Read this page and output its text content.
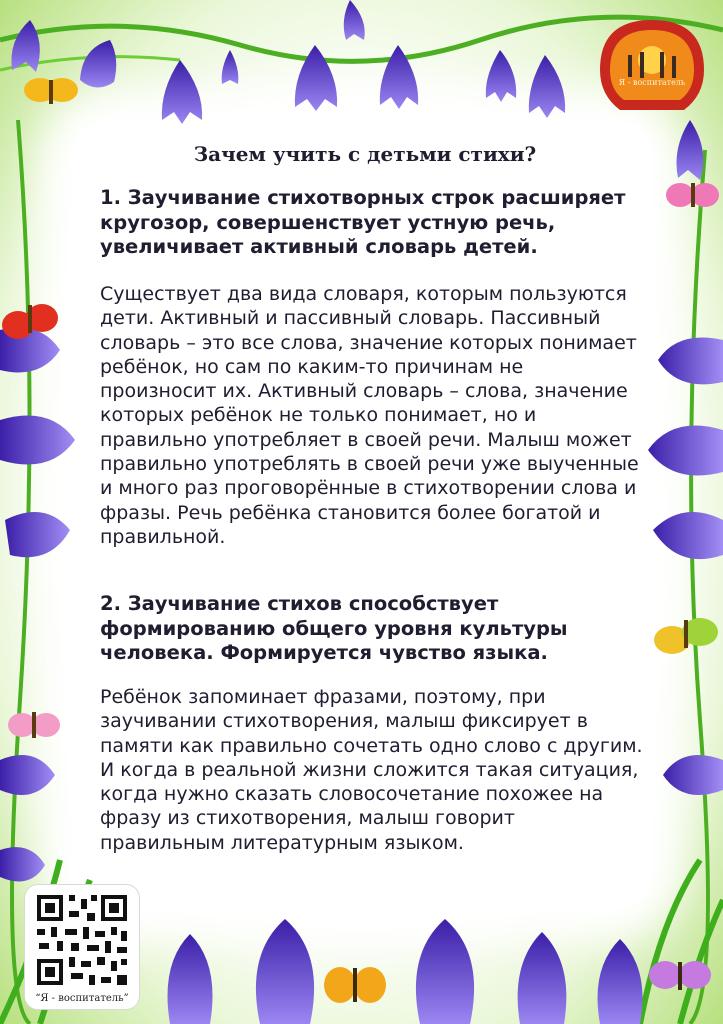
Я - воспитатель
Зачем учить с детьми стихи?

1. Заучивание стихотворных строк расширяет кругозор, совершенствует устную речь, увеличивает активный словарь детей.

Существует два вида словаря, которым пользуются дети. Активный и пассивный словарь. Пассивный словарь – это все слова, значение которых понимает ребёнок, но сам по каким-то причинам не произносит их. Активный словарь – слова, значение которых ребёнок не только понимает, но и правильно употребляет в своей речи. Малыш может правильно употреблять в своей речи уже выученные и много раз проговорённые в стихотворении слова и фразы. Речь ребёнка становится более богатой и правильной.

2. Заучивание стихов способствует формированию общего уровня культуры человека. Формируется чувство языка.

Ребёнок запоминает фразами, поэтому, при заучивании стихотворения, малыш фиксирует в памяти как правильно сочетать одно слово с другим. И когда в реальной жизни сложится такая ситуация, когда нужно сказать словосочетание похожее на фразу из стихотворения, малыш говорит правильным литературным языком.

“Я - воспитатель”
